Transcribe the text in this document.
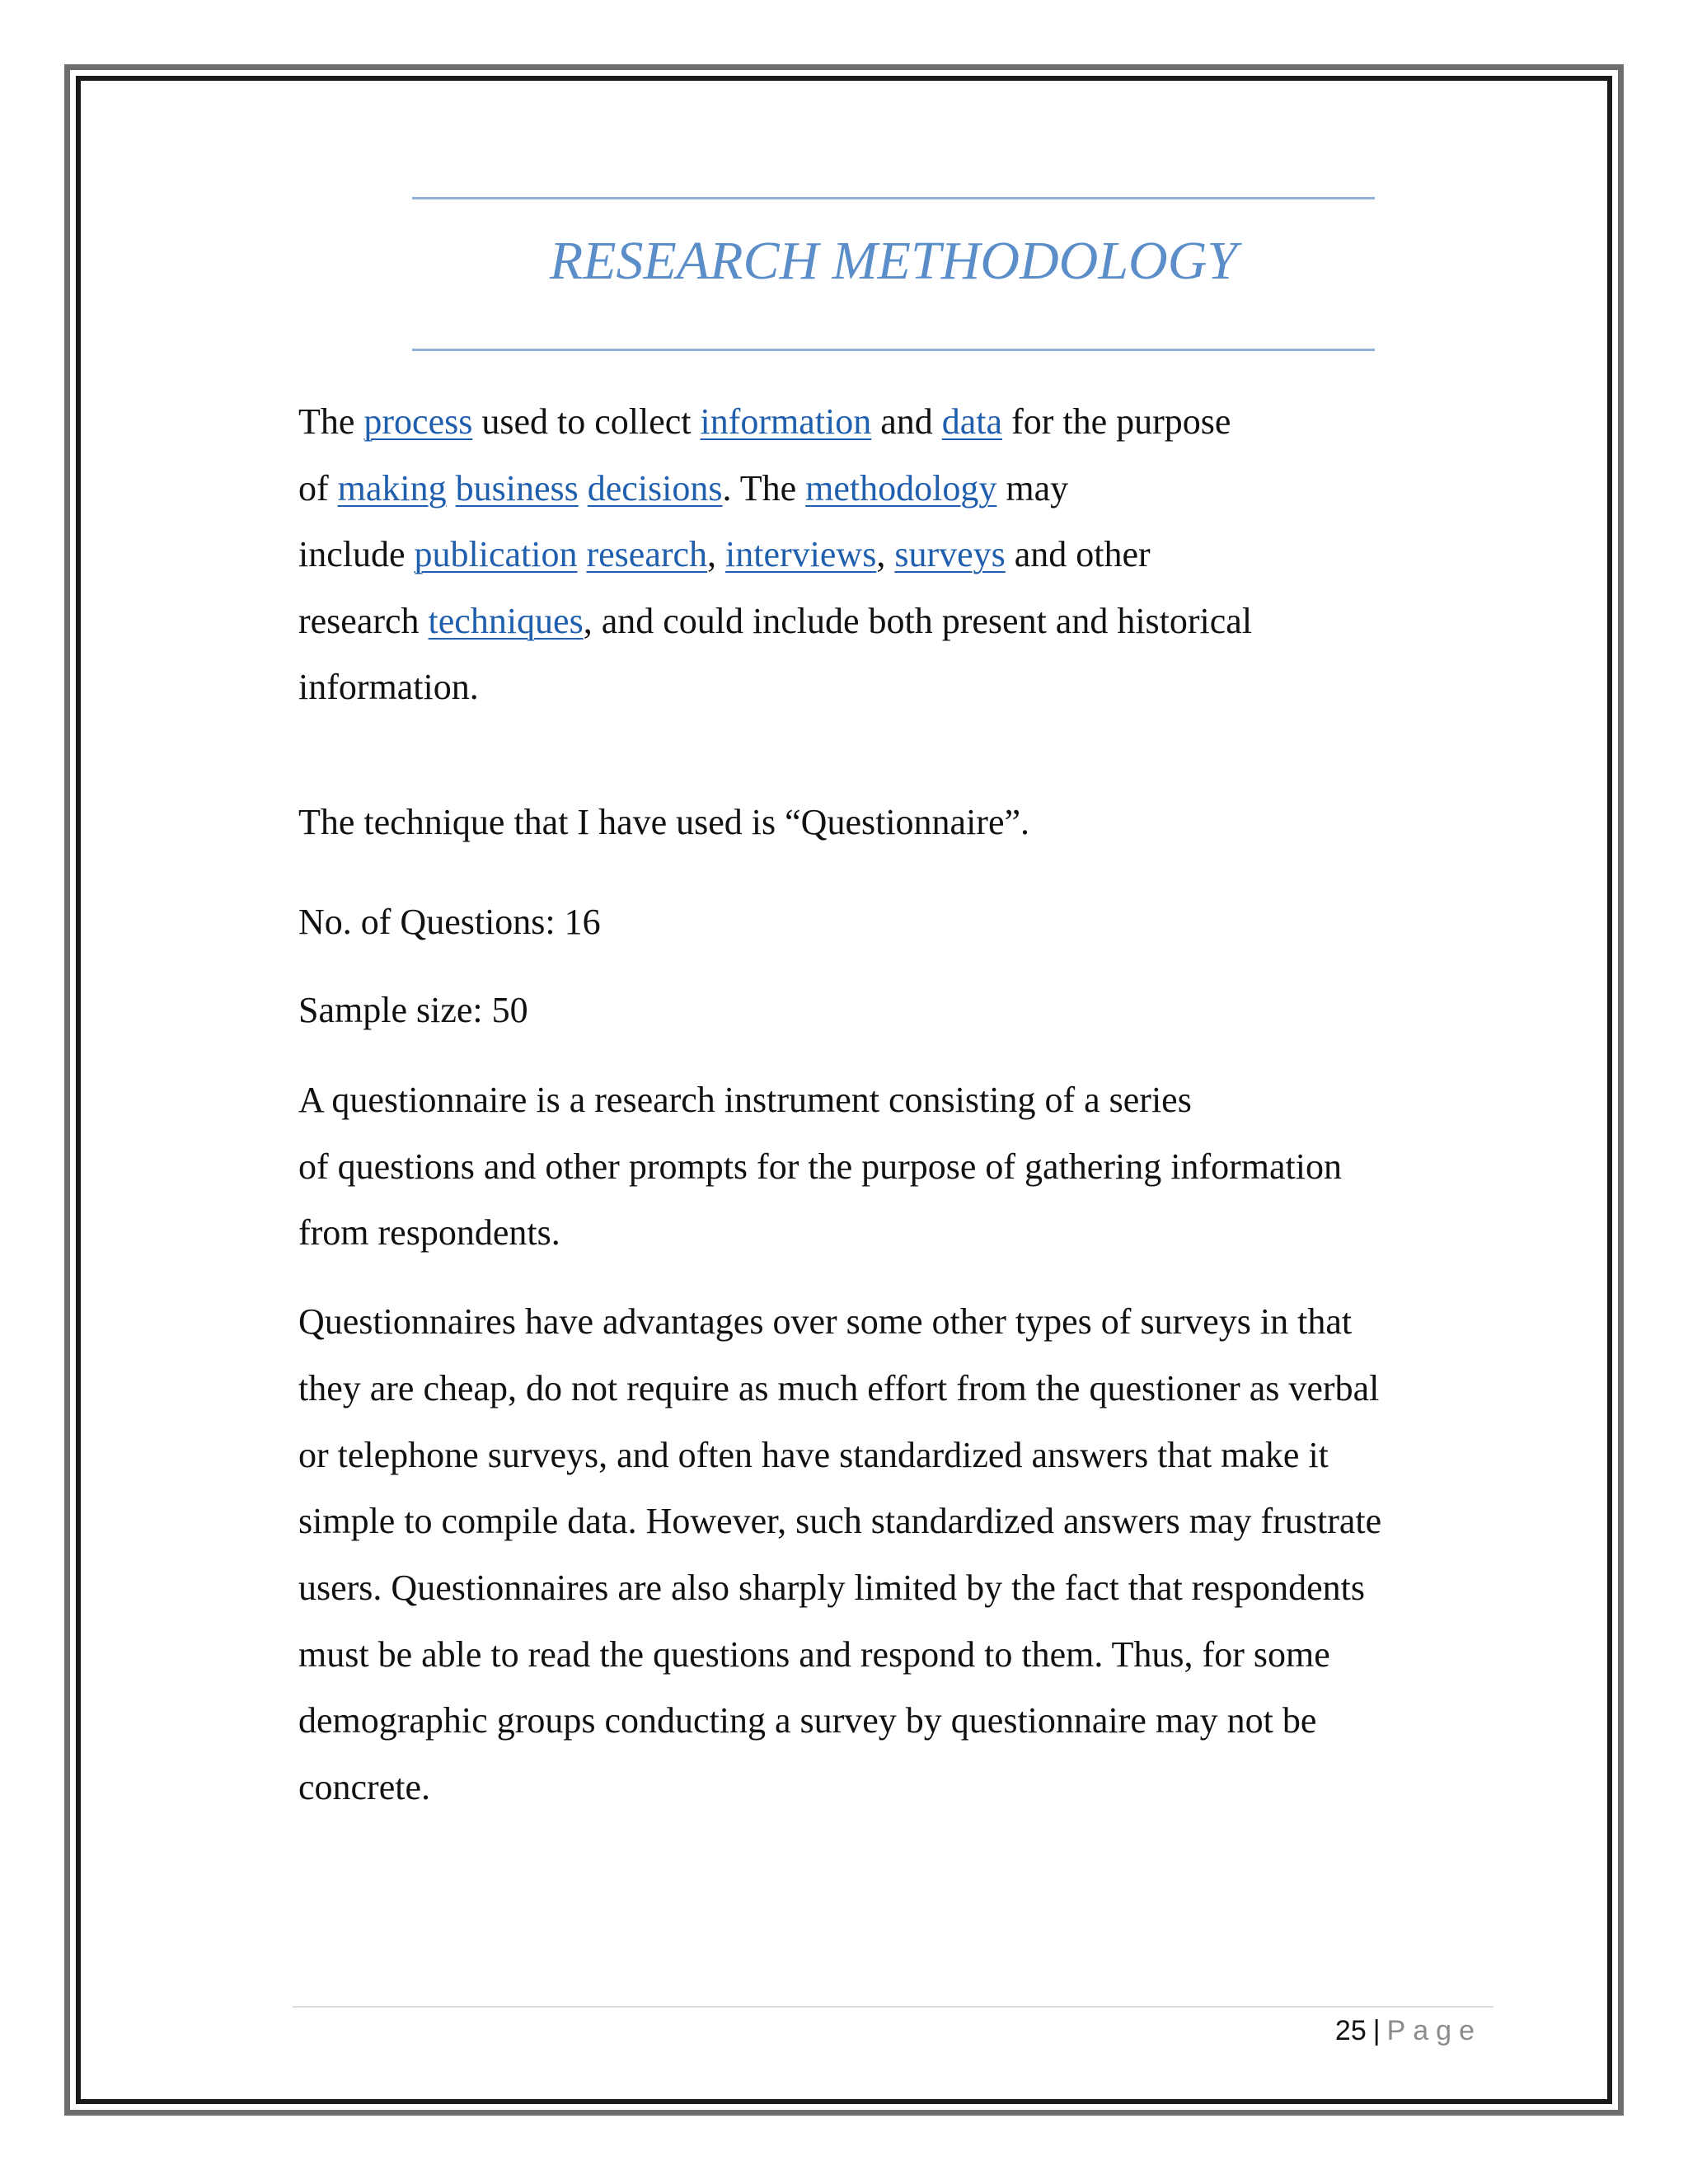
RESEARCH METHODOLOGY
The process used to collect information and data for the purpose
of making business decisions. The methodology may
include publication research, interviews, surveys and other
research techniques, and could include both present and historical
information.
The technique that I have used is “Questionnaire”.
No. of Questions: 16
Sample size: 50
A questionnaire is a research instrument consisting of a series
of questions and other prompts for the purpose of gathering information
from respondents.
Questionnaires have advantages over some other types of surveys in that
they are cheap, do not require as much effort from the questioner as verbal
or telephone surveys, and often have standardized answers that make it
simple to compile data. However, such standardized answers may frustrate
users. Questionnaires are also sharply limited by the fact that respondents
must be able to read the questions and respond to them. Thus, for some
demographic groups conducting a survey by questionnaire may not be
concrete.
25 | Page
